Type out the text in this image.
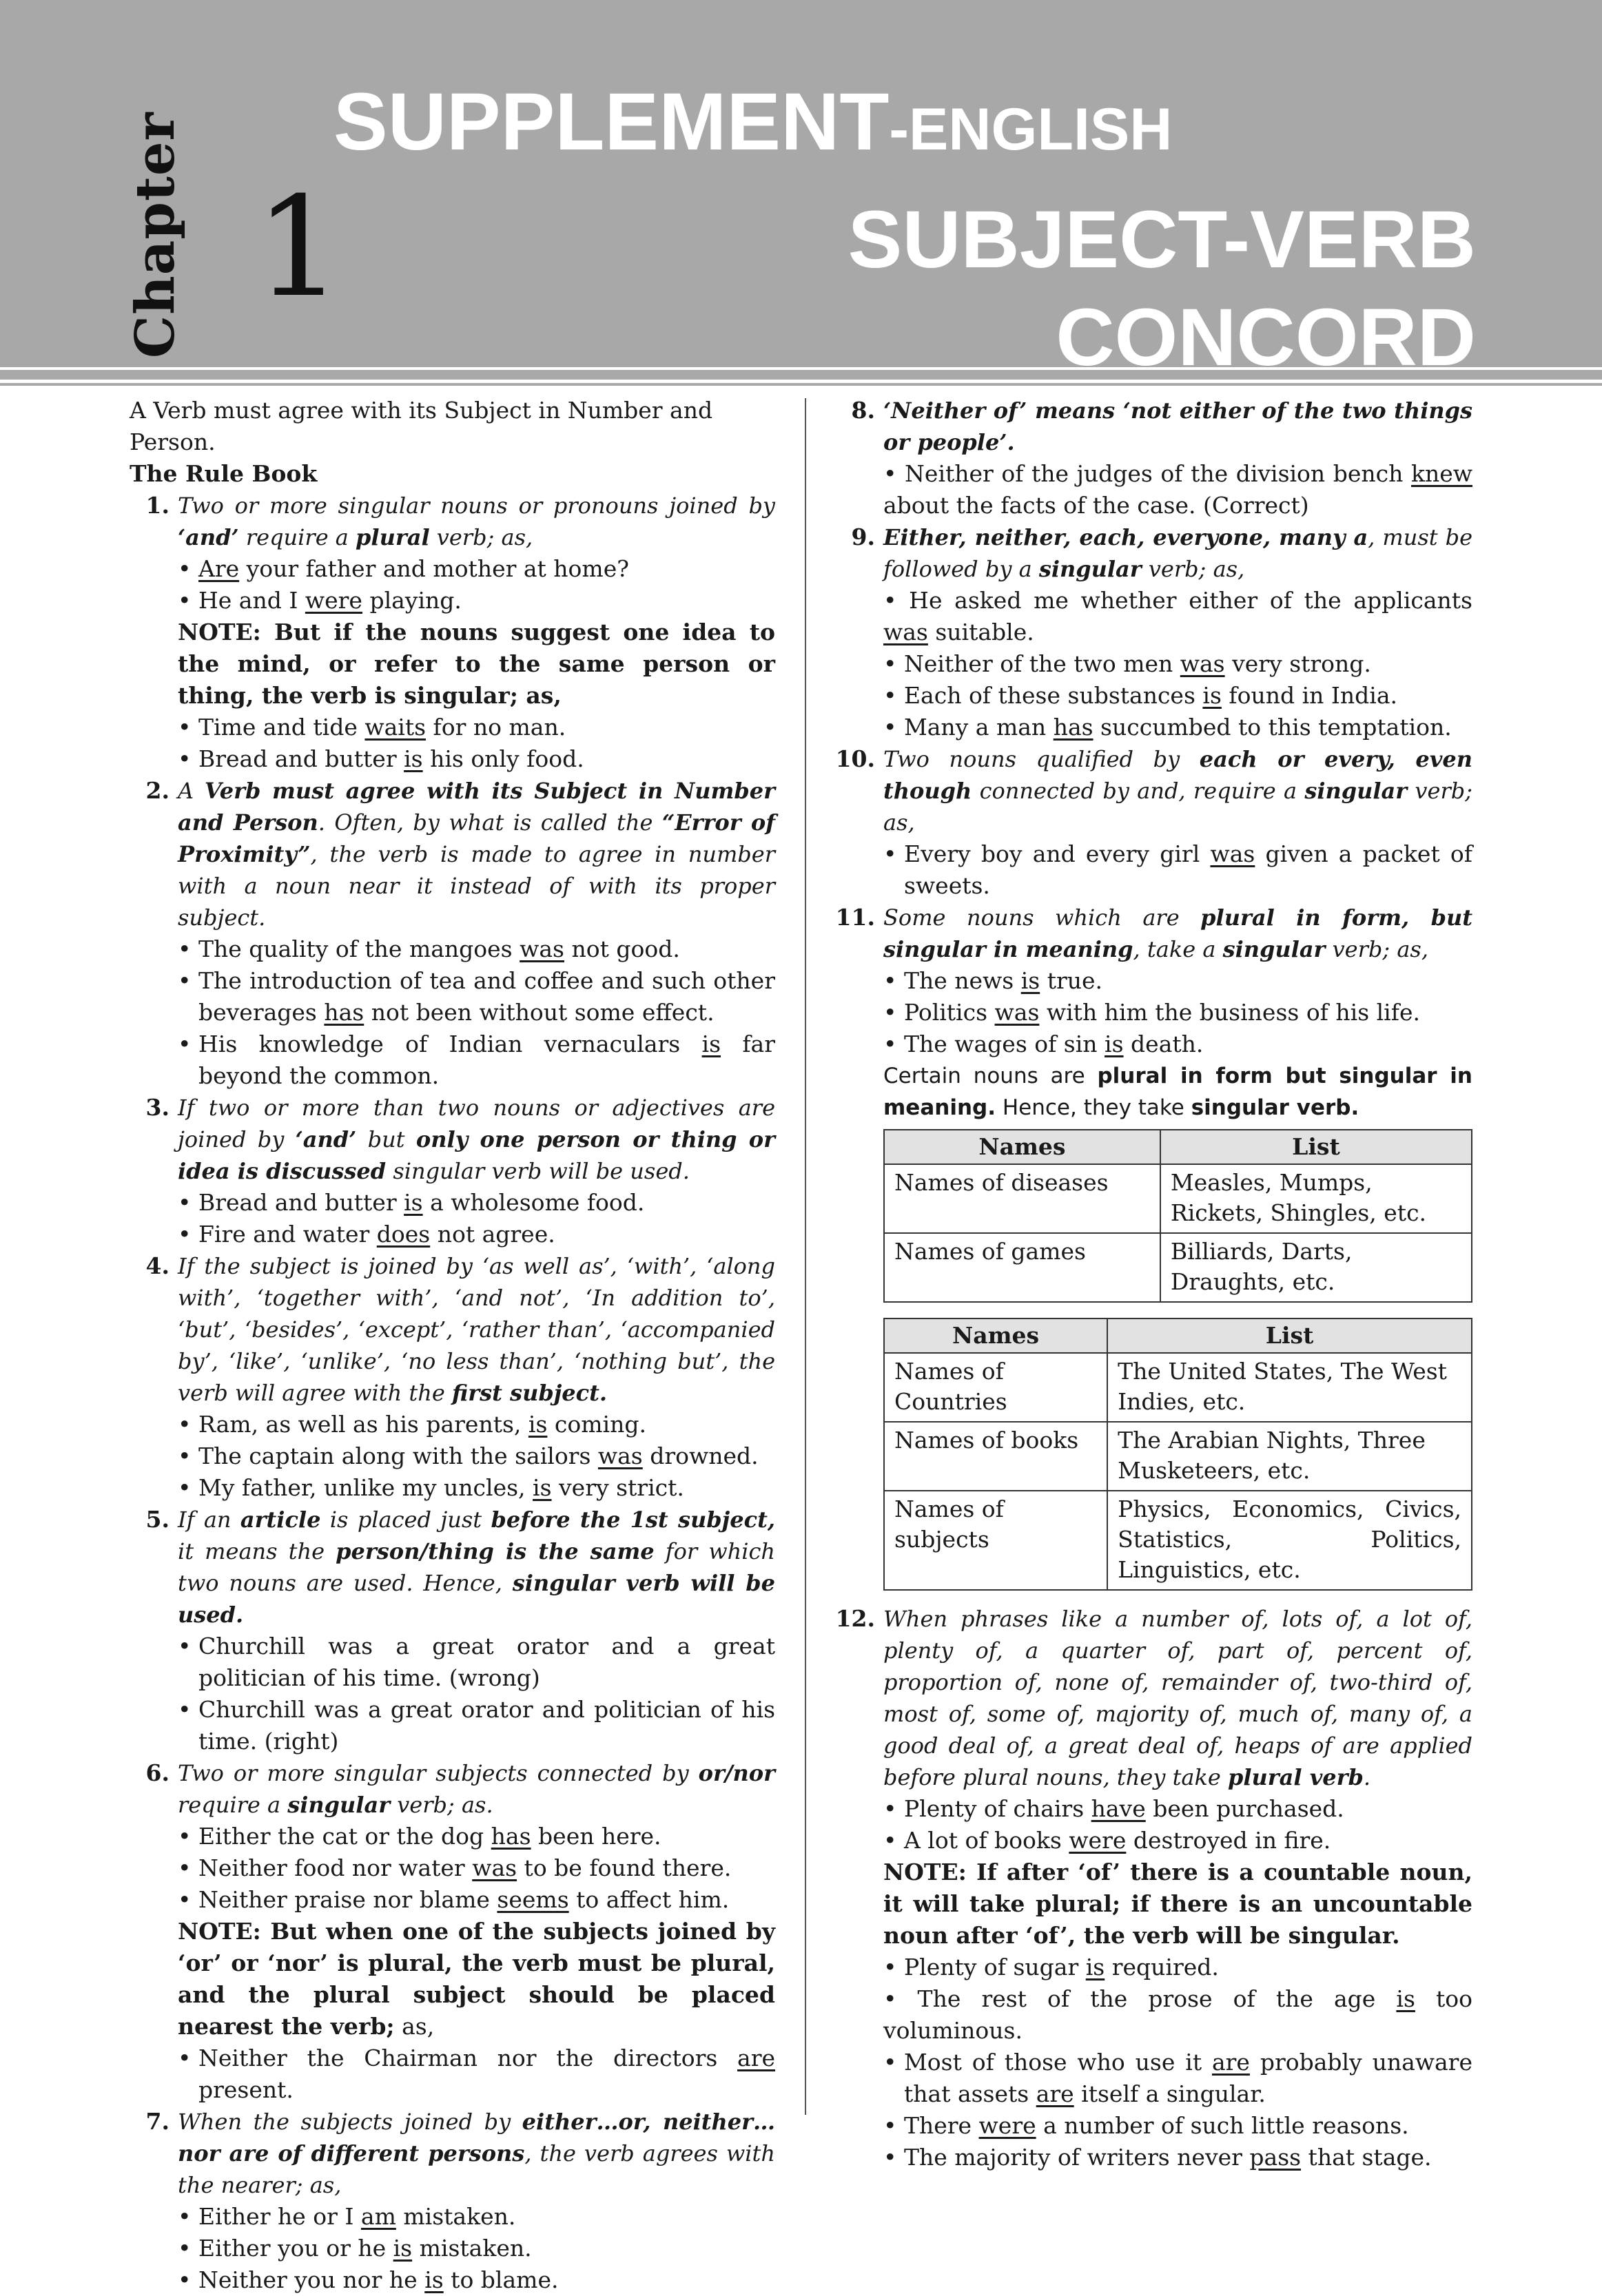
Chapter 1
SUPPLEMENT-ENGLISH
SUBJECT-VERB
CONCORD

A Verb must agree with its Subject in Number and Person.

The Rule Book

1. Two or more singular nouns or pronouns joined by ‘and’ require a plural verb; as,

• Are your father and mother at home?

• He and I were playing.

NOTE: But if the nouns suggest one idea to the mind, or refer to the same person or thing, the verb is singular; as,

• Time and tide waits for no man.

• Bread and butter is his only food.

2. A Verb must agree with its Subject in Number and Person. Often, by what is called the “Error of Proximity”, the verb is made to agree in number with a noun near it instead of with its proper subject.

• The quality of the mangoes was not good.

• The introduction of tea and coffee and such other beverages has not been without some effect.

• His knowledge of Indian vernaculars is far beyond the common.

3. If two or more than two nouns or adjectives are joined by ‘and’ but only one person or thing or idea is discussed singular verb will be used.

• Bread and butter is a wholesome food.

• Fire and water does not agree.

4. If the subject is joined by ‘as well as’, ‘with’, ‘along with’, ‘together with’, ‘and not’, ‘In addition to’, ‘but’, ‘besides’, ‘except’, ‘rather than’, ‘accompanied by’, ‘like’, ‘unlike’, ‘no less than’, ‘nothing but’, the verb will agree with the first subject.

• Ram, as well as his parents, is coming.

• The captain along with the sailors was drowned.

• My father, unlike my uncles, is very strict.

5. If an article is placed just before the 1st subject, it means the person/thing is the same for which two nouns are used. Hence, singular verb will be used.

• Churchill was a great orator and a great politician of his time. (wrong)

• Churchill was a great orator and politician of his time. (right)

6. Two or more singular subjects connected by or/nor require a singular verb; as.

• Either the cat or the dog has been here.

• Neither food nor water was to be found there.

• Neither praise nor blame seems to affect him.

NOTE: But when one of the subjects joined by ‘or’ or ‘nor’ is plural, the verb must be plural, and the plural subject should be placed nearest the verb; as,

• Neither the Chairman nor the directors are present.

7. When the subjects joined by either…or, neither… nor are of different persons, the verb agrees with the nearer; as,

• Either he or I am mistaken.

• Either you or he is mistaken.

• Neither you nor he is to blame.

8. ‘Neither of’ means ‘not either of the two things or people’.

• Neither of the judges of the division bench knew about the facts of the case. (Correct)

9. Either, neither, each, everyone, many a, must be followed by a singular verb; as,

• He asked me whether either of the applicants was suitable.

• Neither of the two men was very strong.

• Each of these substances is found in India.

• Many a man has succumbed to this temptation.

10. Two nouns qualified by each or every, even though connected by and, require a singular verb; as,

• Every boy and every girl was given a packet of sweets.

11. Some nouns which are plural in form, but singular in meaning, take a singular verb; as,

• The news is true.

• Politics was with him the business of his life.

• The wages of sin is death.

Certain nouns are plural in form but singular in meaning. Hence, they take singular verb.

Names	List
Names of diseases	Measles, Mumps, Rickets, Shingles, etc.
Names of games	Billiards, Darts, Draughts, etc.
Names	List
Names of Countries	The United States, The West Indies, etc.
Names of books	The Arabian Nights, Three Musketeers, etc.
Names of subjects	Physics, Economics, Civics, Statistics, Politics, Linguistics, etc.
12. When phrases like a number of, lots of, a lot of, plenty of, a quarter of, part of, percent of, proportion of, none of, remainder of, two-third of, most of, some of, majority of, much of, many of, a good deal of, a great deal of, heaps of are applied before plural nouns, they take plural verb.

• Plenty of chairs have been purchased.

• A lot of books were destroyed in fire.

NOTE: If after ‘of’ there is a countable noun, it will take plural; if there is an uncountable noun after ‘of’, the verb will be singular.

• Plenty of sugar is required.

• The rest of the prose of the age is too voluminous.

• Most of those who use it are probably unaware that assets are itself a singular.

• There were a number of such little reasons.

• The majority of writers never pass that stage.
